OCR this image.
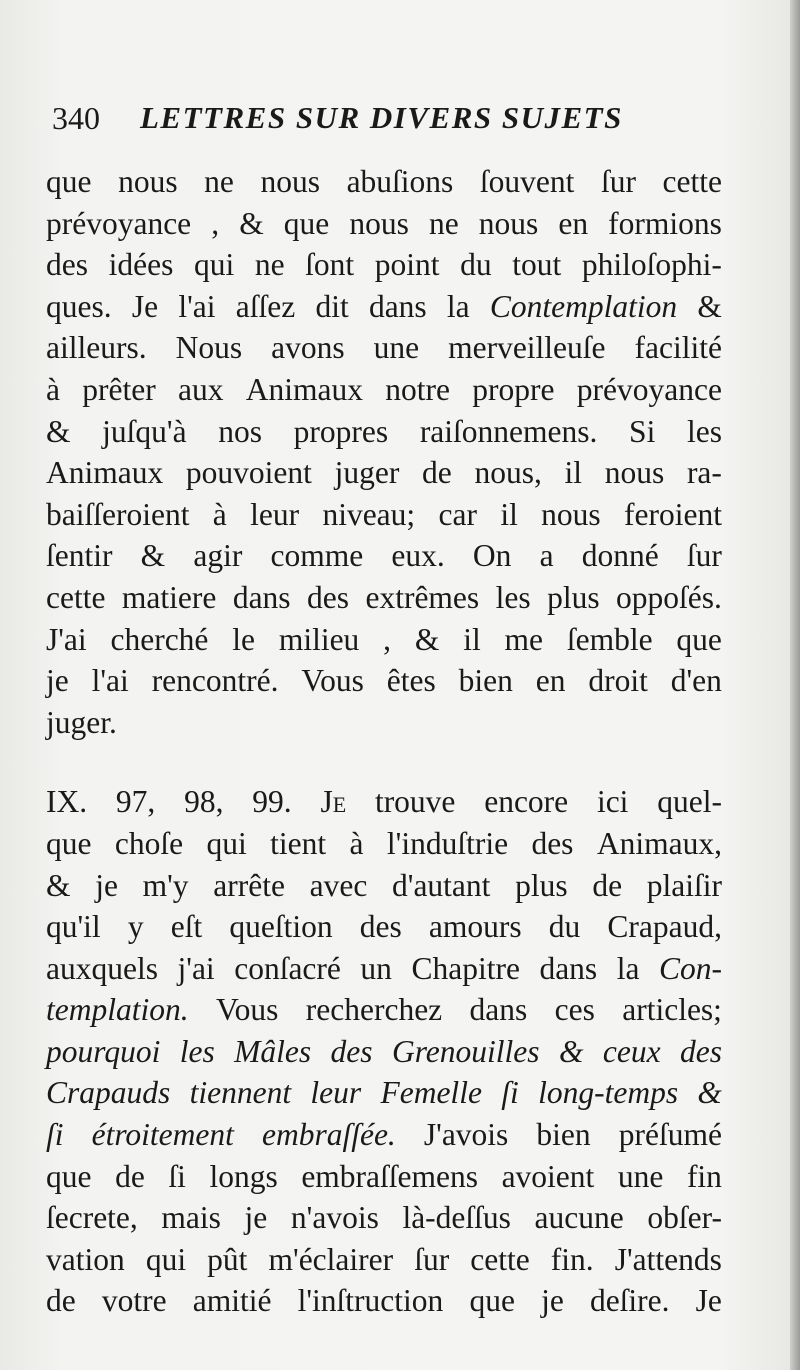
340 LETTRES SUR DIVERS SUJETS
que nous ne nous abuſions ſouvent ſur cette
prévoyance , & que nous ne nous en formions
des idées qui ne ſont point du tout philoſophi-
ques. Je l'ai aſſez dit dans la Contemplation &
ailleurs. Nous avons une merveilleuſe facilité
à prêter aux Animaux notre propre prévoyance
& juſqu'à nos propres raiſonnemens. Si les
Animaux pouvoient juger de nous, il nous ra-
baiſſeroient à leur niveau; car il nous feroient
ſentir & agir comme eux. On a donné ſur
cette matiere dans des extrêmes les plus oppoſés.
J'ai cherché le milieu , & il me ſemble que
je l'ai rencontré. Vous êtes bien en droit d'en
juger.
IX. 97, 98, 99. Je trouve encore ici quel-
que choſe qui tient à l'induſtrie des Animaux,
& je m'y arrête avec d'autant plus de plaiſir
qu'il y eſt queſtion des amours du Crapaud,
auxquels j'ai conſacré un Chapitre dans la Con-
templation. Vous recherchez dans ces articles;
pourquoi les Mâles des Grenouilles & ceux des
Crapauds tiennent leur Femelle ſi long-temps &
ſi étroitement embraſſée. J'avois bien préſumé
que de ſi longs embraſſemens avoient une fin
ſecrete, mais je n'avois là-deſſus aucune obſer-
vation qui pût m'éclairer ſur cette fin. J'attends
de votre amitié l'inſtruction que je deſire. Je
